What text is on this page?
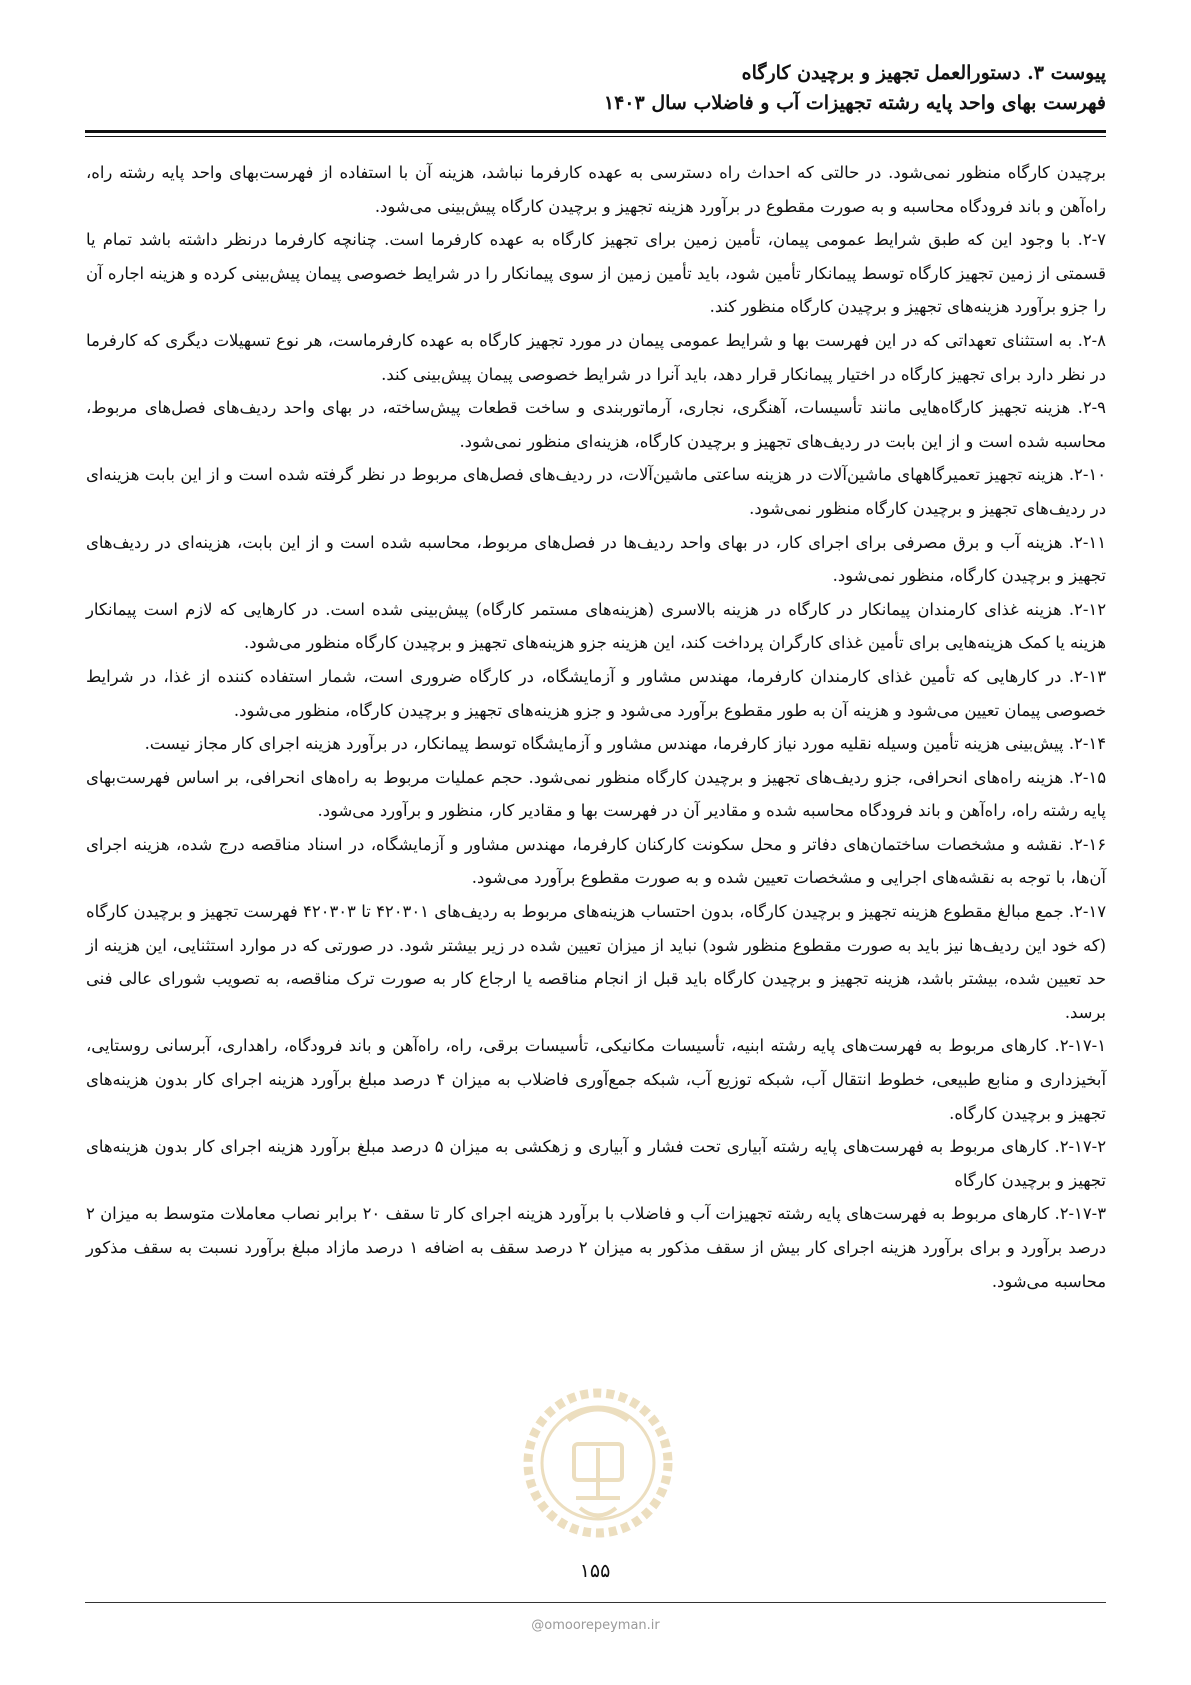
پیوست ۳. دستورالعمل تجهیز و برچیدن کارگاه
فهرست بهای واحد پایه رشته تجهیزات آب و فاضلاب سال ۱۴۰۳

برچیدن کارگاه منظور نمی‌شود. در حالتی که احداث راه دسترسی به عهده کارفرما نباشد، هزینه آن با استفاده از فهرست‌بهای واحد پایه رشته راه، راه‌آهن و باند فرودگاه محاسبه و به صورت مقطوع در برآورد هزینه تجهیز و برچیدن کارگاه پیش‌بینی می‌شود.

۲-۷. با وجود این که طبق شرایط عمومی پیمان، تأمین زمین برای تجهیز کارگاه به عهده کارفرما است. چنانچه کارفرما درنظر داشته باشد تمام یا قسمتی از زمین تجهیز کارگاه توسط پیمانکار تأمین شود، باید تأمین زمین از سوی پیمانکار را در شرایط خصوصی پیمان پیش‌بینی کرده و هزینه اجاره آن را جزو برآورد هزینه‌های تجهیز و برچیدن کارگاه منظور کند.

۲-۸. به استثنای تعهداتی که در این فهرست بها و شرایط عمومی پیمان در مورد تجهیز کارگاه به عهده کارفرماست، هر نوع تسهیلات دیگری که کارفرما در نظر دارد برای تجهیز کارگاه در اختیار پیمانکار قرار دهد، باید آنرا در شرایط خصوصی پیمان پیش‌بینی کند.

۲-۹. هزینه تجهیز کارگاه‌هایی مانند تأسیسات، آهنگری، نجاری، آرماتوربندی و ساخت قطعات پیش‌ساخته، در بهای واحد ردیف‌های فصل‌های مربوط، محاسبه شده است و از این بابت در ردیف‌های تجهیز و برچیدن کارگاه، هزینه‌ای منظور نمی‌شود.

۲-۱۰. هزینه تجهیز تعمیرگاههای ماشین‌آلات در هزینه ساعتی ماشین‌آلات، در ردیف‌های فصل‌های مربوط در نظر گرفته شده است و از این بابت هزینه‌ای در ردیف‌های تجهیز و برچیدن کارگاه منظور نمی‌شود.

۲-۱۱. هزینه آب و برق مصرفی برای اجرای کار، در بهای واحد ردیف‌ها در فصل‌های مربوط، محاسبه شده است و از این بابت، هزینه‌ای در ردیف‌های تجهیز و برچیدن کارگاه، منظور نمی‌شود.

۲-۱۲. هزینه غذای کارمندان پیمانکار در کارگاه در هزینه بالاسری (هزینه‌های مستمر کارگاه) پیش‌بینی شده است. در کارهایی که لازم است پیمانکار هزینه یا کمک هزینه‌هایی برای تأمین غذای کارگران پرداخت کند، این هزینه جزو هزینه‌های تجهیز و برچیدن کارگاه منظور می‌شود.

۲-۱۳. در کارهایی که تأمین غذای کارمندان کارفرما، مهندس مشاور و آزمایشگاه، در کارگاه ضروری است، شمار استفاده کننده از غذا، در شرایط خصوصی پیمان تعیین می‌شود و هزینه آن به طور مقطوع برآورد می‌شود و جزو هزینه‌های تجهیز و برچیدن کارگاه، منظور می‌شود.

۲-۱۴. پیش‌بینی هزینه تأمین وسیله نقلیه مورد نیاز کارفرما، مهندس مشاور و آزمایشگاه توسط پیمانکار، در برآورد هزینه اجرای کار مجاز نیست.

۲-۱۵. هزینه راه‌های انحرافی، جزو ردیف‌های تجهیز و برچیدن کارگاه منظور نمی‌شود. حجم عملیات مربوط به راه‌های انحرافی، بر اساس فهرست‌بهای پایه رشته راه، راه‌آهن و باند فرودگاه محاسبه شده و مقادیر آن در فهرست بها و مقادیر کار، منظور و برآورد می‌شود.

۲-۱۶. نقشه و مشخصات ساختمان‌های دفاتر و محل سکونت کارکنان کارفرما، مهندس مشاور و آزمایشگاه، در اسناد مناقصه درج شده، هزینه اجرای آن‌ها، با توجه به نقشه‌های اجرایی و مشخصات تعیین شده و به صورت مقطوع برآورد می‌شود.

۲-۱۷. جمع مبالغ مقطوع هزینه تجهیز و برچیدن کارگاه، بدون احتساب هزینه‌های مربوط به ردیف‌های ۴۲۰۳۰۱ تا ۴۲۰۳۰۳ فهرست تجهیز و برچیدن کارگاه (که خود این ردیف‌ها نیز باید به صورت مقطوع منظور شود) نباید از میزان تعیین شده در زیر بیشتر شود. در صورتی که در موارد استثنایی، این هزینه از حد تعیین شده، بیشتر باشد، هزینه تجهیز و برچیدن کارگاه باید قبل از انجام مناقصه یا ارجاع کار به صورت ترک مناقصه، به تصویب شورای عالی فنی برسد.

۲-۱۷-۱. کارهای مربوط به فهرست‌های پایه رشته ابنیه، تأسیسات مکانیکی، تأسیسات برقی، راه، راه‌آهن و باند فرودگاه، راهداری، آبرسانی روستایی، آبخیزداری و منابع طبیعی، خطوط انتقال آب، شبکه توزیع آب، شبکه جمع‌آوری فاضلاب به میزان ۴ درصد مبلغ برآورد هزینه اجرای کار بدون هزینه‌های تجهیز و برچیدن کارگاه.

۲-۱۷-۲. کارهای مربوط به فهرست‌های پایه رشته آبیاری تحت فشار و آبیاری و زهکشی به میزان ۵ درصد مبلغ برآورد هزینه اجرای کار بدون هزینه‌های تجهیز و برچیدن کارگاه

۲-۱۷-۳. کارهای مربوط به فهرست‌های پایه رشته تجهیزات آب و فاضلاب با برآورد هزینه اجرای کار تا سقف ۲۰ برابر نصاب معاملات متوسط به میزان ۲ درصد برآورد و برای برآورد هزینه اجرای کار بیش از سقف مذکور به میزان ۲ درصد سقف به اضافه ۱ درصد مازاد مبلغ برآورد نسبت به سقف مذکور محاسبه می‌شود.

۱۵۵
@omoorepeyman.ir
